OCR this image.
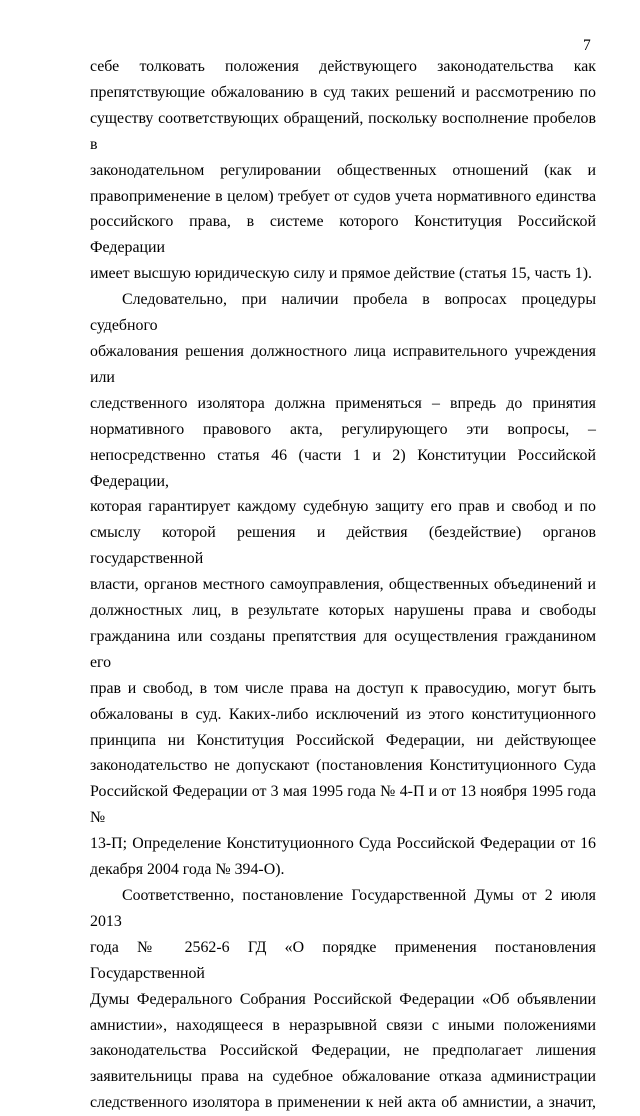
7

себе толковать положения действующего законодательства как

препятствующие обжалованию в суд таких решений и рассмотрению по

существу соответствующих обращений, поскольку восполнение пробелов в

законодательном регулировании общественных отношений (как и

правоприменение в целом) требует от судов учета нормативного единства

российского права, в системе которого Конституция Российской Федерации

имеет высшую юридическую силу и прямое действие (статья 15, часть 1).

Следовательно, при наличии пробела в вопросах процедуры судебного

обжалования решения должностного лица исправительного учреждения или

следственного изолятора должна применяться – впредь до принятия

нормативного правового акта, регулирующего эти вопросы, –

непосредственно статья 46 (части 1 и 2) Конституции Российской Федерации,

которая гарантирует каждому судебную защиту его прав и свобод и по

смыслу которой решения и действия (бездействие) органов государственной

власти, органов местного самоуправления, общественных объединений и

должностных лиц, в результате которых нарушены права и свободы

гражданина или созданы препятствия для осуществления гражданином его

прав и свобод, в том числе права на доступ к правосудию, могут быть

обжалованы в суд. Каких-либо исключений из этого конституционного

принципа ни Конституция Российской Федерации, ни действующее

законодательство не допускают (постановления Конституционного Суда

Российской Федерации от 3 мая 1995 года № 4-П и от 13 ноября 1995 года №

13-П; Определение Конституционного Суда Российской Федерации от 16

декабря 2004 года № 394-О).

Соответственно, постановление Государственной Думы от 2 июля 2013

года № 2562-6 ГД «О порядке применения постановления Государственной

Думы Федерального Собрания Российской Федерации «Об объявлении

амнистии», находящееся в неразрывной связи с иными положениями

законодательства Российской Федерации, не предполагает лишения

заявительницы права на судебное обжалование отказа администрации

следственного изолятора в применении к ней акта об амнистии, а значит,
